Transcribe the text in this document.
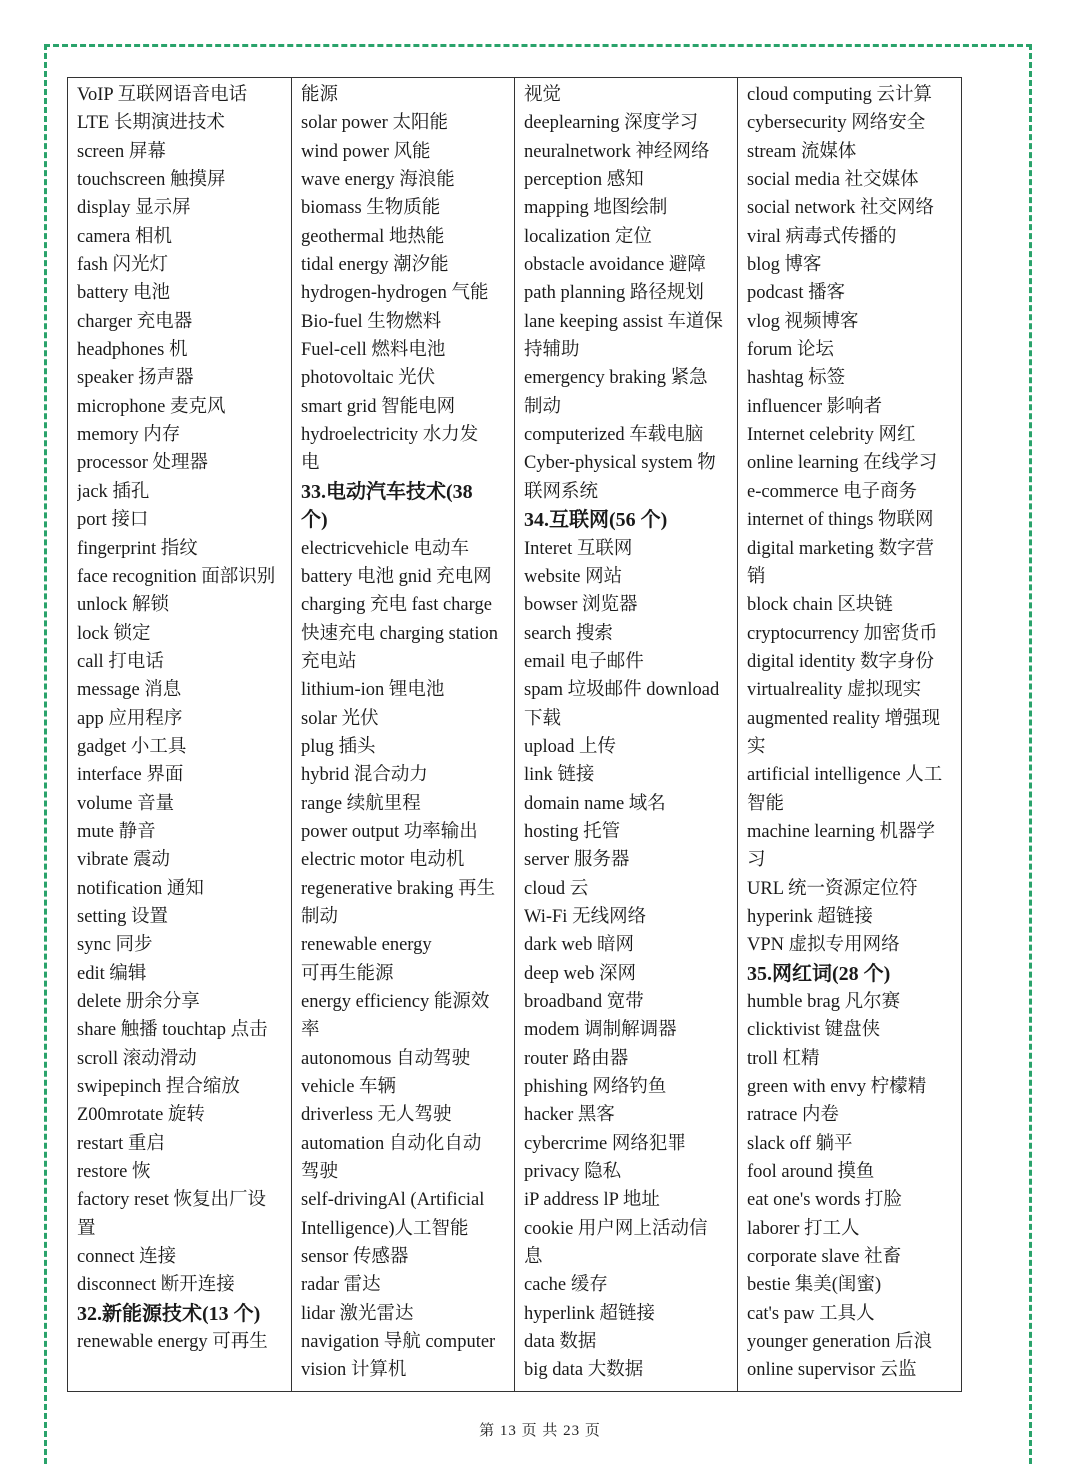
VoIP 互联网语音电话
LTE 长期演进技术
screen 屏幕
touchscreen 触摸屏
display 显示屏
camera 相机
fash 闪光灯
battery 电池
charger 充电器
headphones 机
speaker 扬声器
microphone 麦克风
memory 内存
processor 处理器
jack 插孔
port 接口
fingerprint 指纹
face recognition 面部识别
unlock 解锁
lock 锁定
call 打电话
message 消息
app 应用程序
gadget 小工具
interface 界面
volume 音量
mute 静音
vibrate 震动
notification 通知
setting 设置
sync 同步
edit 编辑
delete 册余分享
share 触播 touchtap 点击
scroll 滚动滑动
swipepinch 捏合缩放
Z00mrotate 旋转
restart 重启
restore 恢
factory reset 恢复出厂设
置
connect 连接
disconnect 断开连接
32.新能源技术(13 个)
renewable energy 可再生
能源
solar power 太阳能
wind power 风能
wave energy 海浪能
biomass 生物质能
geothermal 地热能
tidal energy 潮汐能
hydrogen-hydrogen 气能
Bio-fuel 生物燃料
Fuel-cell 燃料电池
photovoltaic 光伏
smart grid 智能电网
hydroelectricity 水力发
电
33.电动汽车技术(38
个)
electricvehicle 电动车
battery 电池 gnid 充电网
charging 充电 fast charge
快速充电 charging station
充电站
lithium-ion 锂电池
solar 光伏
plug 插头
hybrid 混合动力
range 续航里程
power output 功率输出
electric motor 电动机
regenerative braking 再生
制动
renewable energy
可再生能源
energy efficiency 能源效
率
autonomous 自动驾驶
vehicle 车辆
driverless 无人驾驶
automation 自动化自动
驾驶
self-drivingAl (Artificial
Intelligence)人工智能
sensor 传感器
radar 雷达
lidar 激光雷达
navigation 导航 computer
vision 计算机
视觉
deeplearning 深度学习
neuralnetwork 神经网络
perception 感知
mapping 地图绘制
localization 定位
obstacle avoidance 避障
path planning 路径规划
lane keeping assist 车道保
持辅助
emergency braking 紧急
制动
computerized 车载电脑
Cyber-physical system 物
联网系统
34.互联网(56 个)
Interet 互联网
website 网站
bowser 浏览器
search 搜索
email 电子邮件
spam 垃圾邮件 download
下载
upload 上传
link 链接
domain name 域名
hosting 托管
server 服务器
cloud 云
Wi-Fi 无线网络
dark web 暗网
deep web 深网
broadband 宽带
modem 调制解调器
router 路由器
phishing 网络钓鱼
hacker 黑客
cybercrime 网络犯罪
privacy 隐私
iP address lP 地址
cookie 用户网上活动信
息
cache 缓存
hyperlink 超链接
data 数据
big data 大数据
cloud computing 云计算
cybersecurity 网络安全
stream 流媒体
social media 社交媒体
social network 社交网络
viral 病毒式传播的
blog 博客
podcast 播客
vlog 视频博客
forum 论坛
hashtag 标签
influencer 影响者
Internet celebrity 网红
online learning 在线学习
e-commerce 电子商务
internet of things 物联网
digital marketing 数字营
销
block chain 区块链
cryptocurrency 加密货币
digital identity 数字身份
virtualreality 虚拟现实
augmented reality 增强现
实
artificial intelligence 人工
智能
machine learning 机器学
习
URL 统一资源定位符
hyperink 超链接
VPN 虚拟专用网络
35.网红词(28 个)
humble brag 凡尔赛
clicktivist 键盘侠
troll 杠精
green with envy 柠檬精
ratrace 内卷
slack off 躺平
fool around 摸鱼
eat one's words 打脸
laborer 打工人
corporate slave 社畜
bestie 集美(闺蜜)
cat's paw 工具人
younger generation 后浪
online supervisor 云监
第 13 页 共 23 页
